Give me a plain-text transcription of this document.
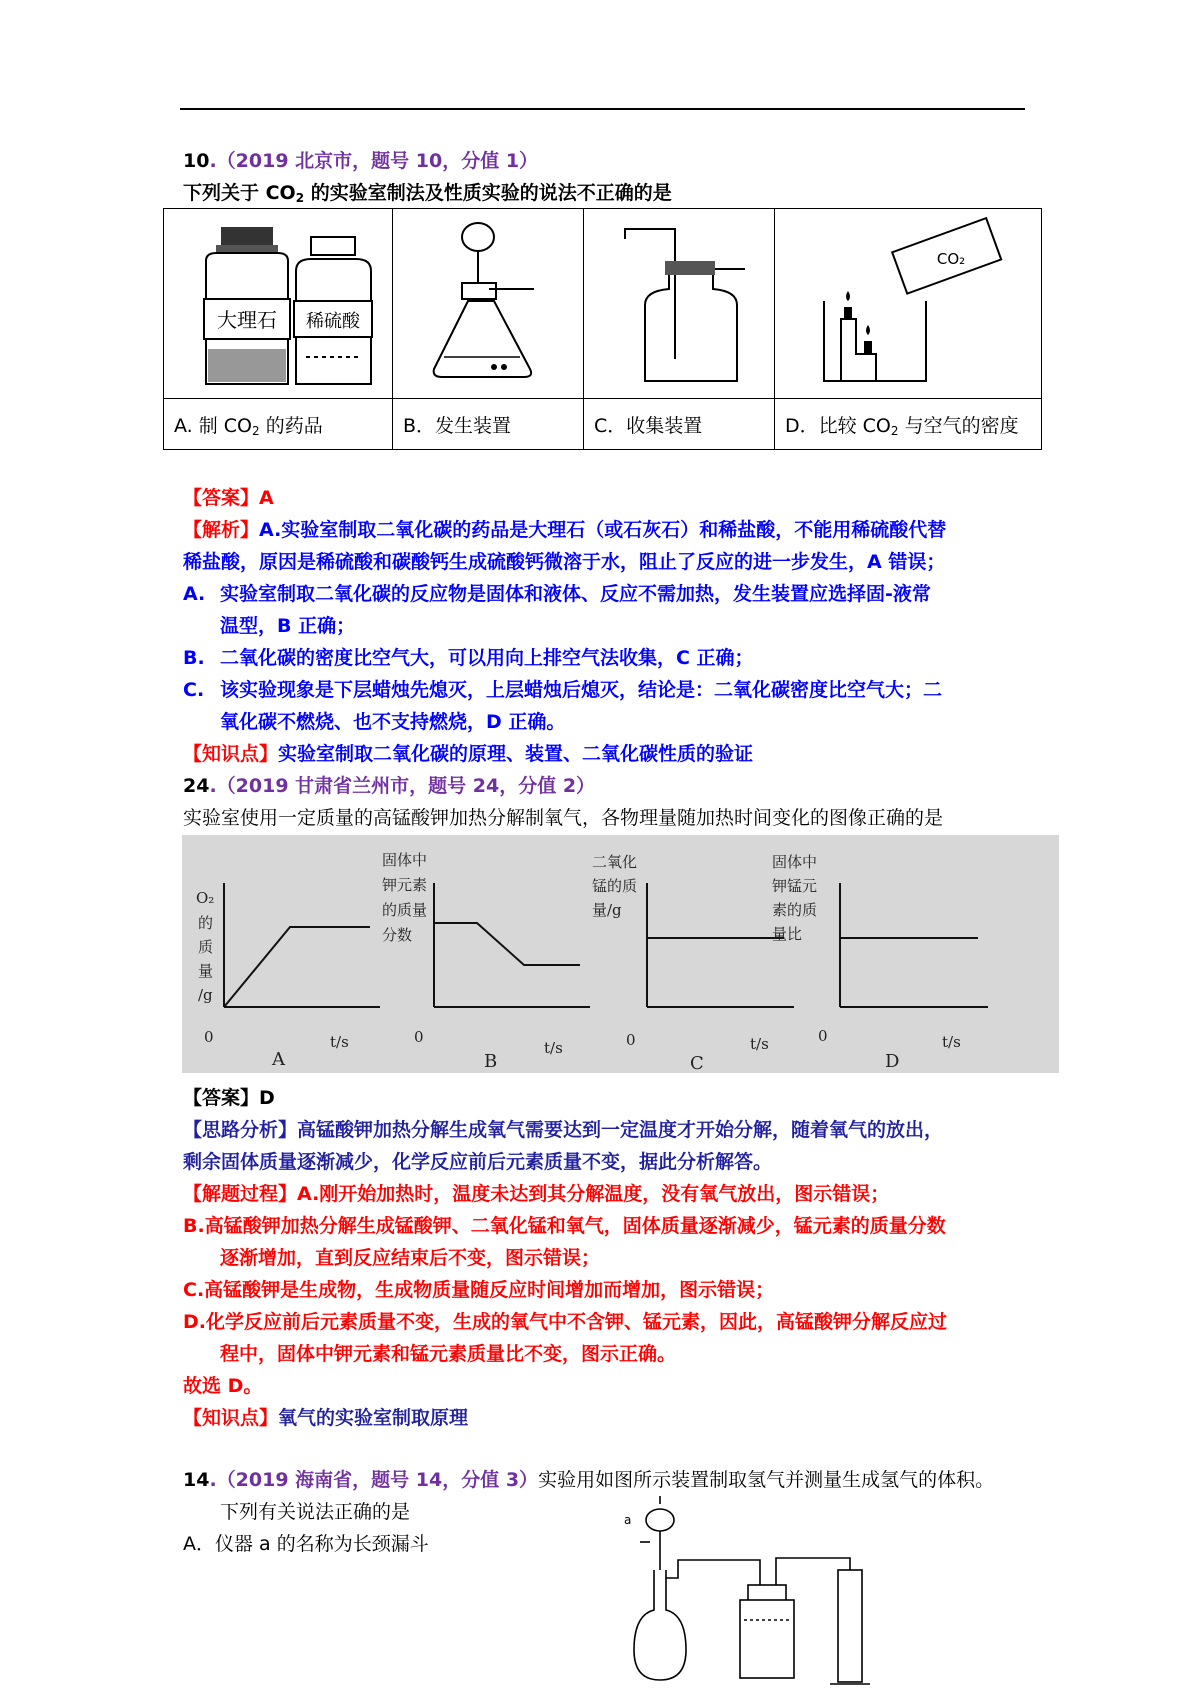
10.（2019 北京市，题号 10，分值 1）
下列关于 $CO_2$ 的实验室制法及性质实验的说法不正确的是
大理石 稀硫酸			CO₂

A. 制 $CO_2$ 的药品	B．发生装置	C．收集装置	D．比较 $CO_2$ 与空气的密度
【答案】A
【解析】A.实验室制取二氧化碳的药品是大理石（或石灰石）和稀盐酸，不能用稀硫酸代替
稀盐酸，原因是稀硫酸和碳酸钙生成硫酸钙微溶于水，阻止了反应的进一步发生，A 错误；
A. 实验室制取二氧化碳的反应物是固体和液体、反应不需加热，发生装置应选择固-液常
温型，B 正确；
B. 二氧化碳的密度比空气大，可以用向上排空气法收集，C 正确；
C. 该实验现象是下层蜡烛先熄灭，上层蜡烛后熄灭，结论是：二氧化碳密度比空气大；二
氧化碳不燃烧、也不支持燃烧，D 正确。
【知识点】实验室制取二氧化碳的原理、装置、二氧化碳性质的验证
24.（2019 甘肃省兰州市，题号 24，分值 2）
实验室使用一定质量的高锰酸钾加热分解制氧气，各物理量随加热时间变化的图像正确的是
O₂
的
质
量
/g
0	t/s
A
固体中
钾元素
的质量
分数
0
t/s
B
二氧化
锰的质
量/g
0	t/s
C
固体中
钾锰元
素的质
量比
0	t/s
D
【答案】D
【思路分析】高锰酸钾加热分解生成氧气需要达到一定温度才开始分解，随着氧气的放出，
剩余固体质量逐渐减少，化学反应前后元素质量不变，据此分析解答。
【解题过程】A.刚开始加热时，温度未达到其分解温度，没有氧气放出，图示错误；
B.高锰酸钾加热分解生成锰酸钾、二氧化锰和氧气，固体质量逐渐减少，锰元素的质量分数
逐渐增加，直到反应结束后不变，图示错误；
C.高锰酸钾是生成物，生成物质量随反应时间增加而增加，图示错误；
D.化学反应前后元素质量不变，生成的氧气中不含钾、锰元素，因此，高锰酸钾分解反应过
程中，固体中钾元素和锰元素质量比不变，图示正确。
故选 D。
【知识点】氧气的实验室制取原理
14.（2019 海南省，题号 14，分值 3）实验用如图所示装置制取氢气并测量生成氢气的体积。
下列有关说法正确的是
A．仪器 a 的名称为长颈漏斗
a
